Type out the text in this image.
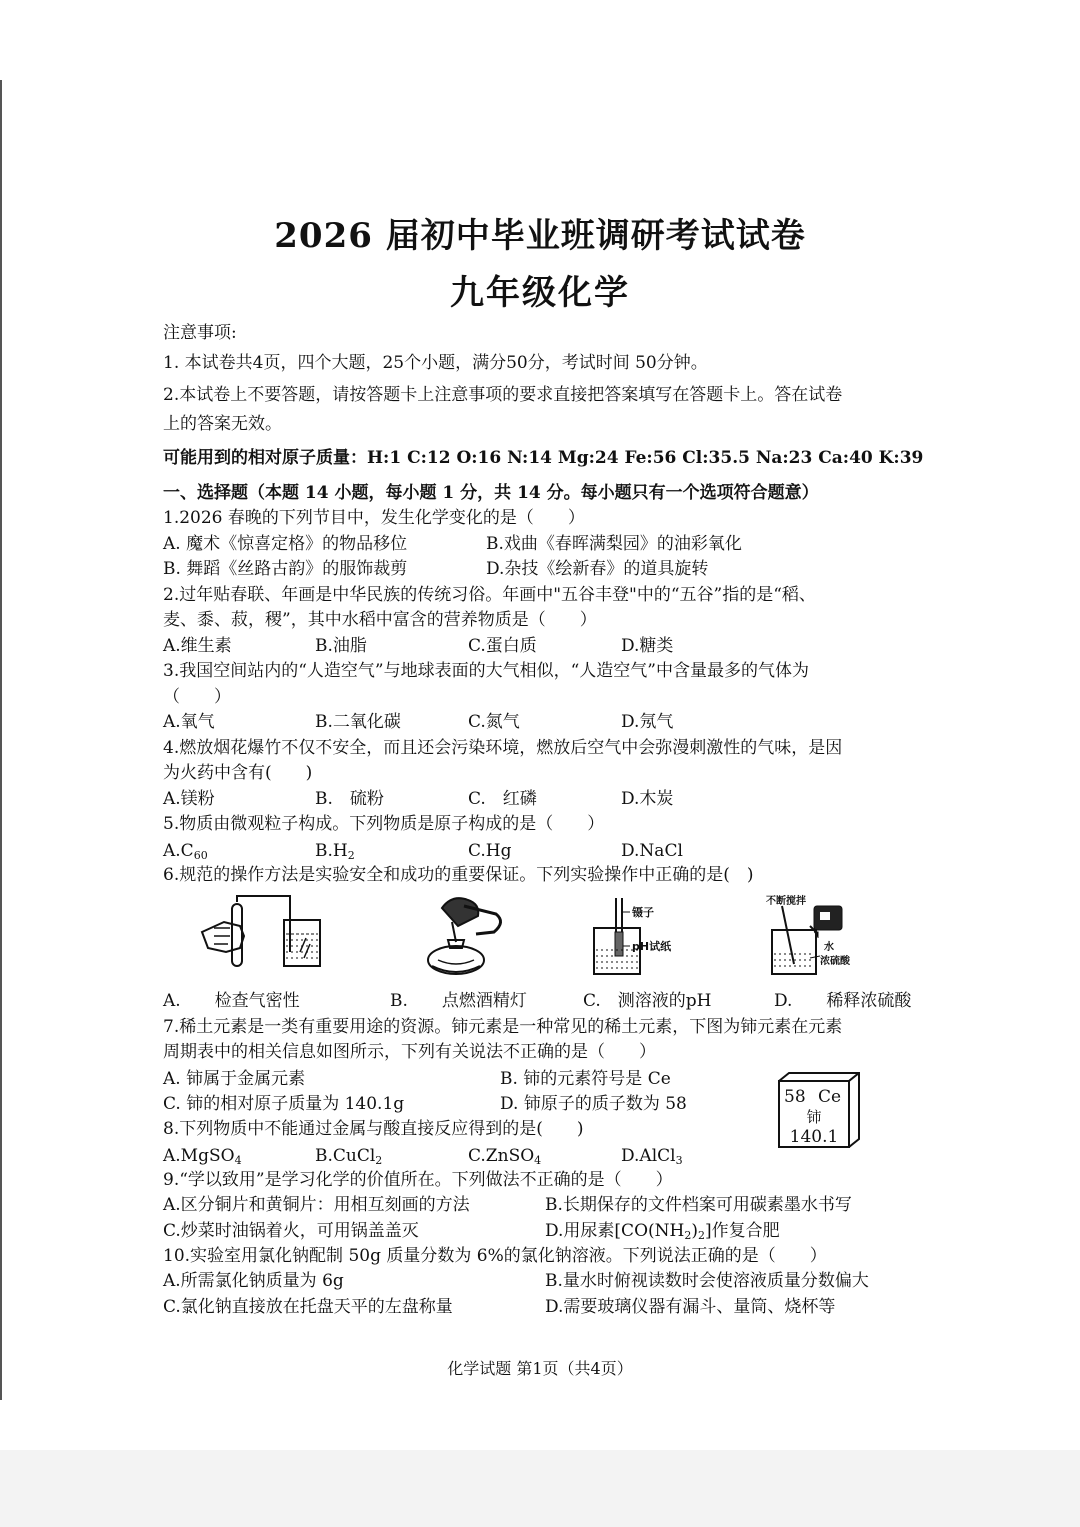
2026 届初中毕业班调研考试试卷
九年级化学
注意事项:
1. 本试卷共4页，四个大题，25个小题，满分50分，考试时间 50分钟。
2.本试卷上不要答题，请按答题卡上注意事项的要求直接把答案填写在答题卡上。答在试卷
上的答案无效。
可能用到的相对原子质量：H:1 C:12 O:16 N:14 Mg:24 Fe:56 Cl:35.5 Na:23 Ca:40 K:39
一、选择题（本题 14 小题，每小题 1 分，共 14 分。每小题只有一个选项符合题意）
1.2026 春晚的下列节目中，发生化学变化的是（　　）
A. 魔术《惊喜定格》的物品移位	B.戏曲《春晖满梨园》的油彩氧化
B. 舞蹈《丝路古韵》的服饰裁剪	D.杂技《绘新春》的道具旋转
2.过年贴春联、年画是中华民族的传统习俗。年画中"五谷丰登"中的“五谷”指的是“稻、
麦、黍、菽，稷”，其中水稻中富含的营养物质是（　　）
A.维生素	B.油脂	C.蛋白质	D.糖类
3.我国空间站内的“人造空气”与地球表面的大气相似，“人造空气”中含量最多的气体为
（　　）
A.氧气	B.二氧化碳	C.氮气	D.氖气
4.燃放烟花爆竹不仅不安全，而且还会污染环境，燃放后空气中会弥漫刺激性的气味，是因
为火药中含有(　　)
A.镁粉	B.　硫粉	C.　红磷	D.木炭
5.物质由微观粒子构成。下列物质是原子构成的是（　　）
$A.C_{60}$	$B.H_2$	C.Hg	D.NaCl
6.规范的操作方法是实验安全和成功的重要保证。下列实验操作中正确的是(　)
镊子
pH试纸
不断搅拌
水
浓硫酸
A.　　检查气密性	B.　　点燃酒精灯	C.　测溶液的pH	D.　　稀释浓硫酸
7.稀土元素是一类有重要用途的资源。铈元素是一种常见的稀土元素，下图为铈元素在元素
周期表中的相关信息如图所示，下列有关说法不正确的是（　　）
A. 铈属于金属元素	B. 铈的元素符号是 Ce
C. 铈的相对原子质量为 140.1g	D. 铈原子的质子数为 58	58 Ce
铈
140.1
8.下列物质中不能通过金属与酸直接反应得到的是(　　)
A.MgSO$_4$	B.CuCl$_2$	C.ZnSO$_4$	D.AlCl$_3$
9.“学以致用”是学习化学的价值所在。下列做法不正确的是（　　）
A.区分铜片和黄铜片：用相互刻画的方法	B.长期保存的文件档案可用碳素墨水书写
C.炒菜时油锅着火，可用锅盖盖灭	D.用尿素$[CO(NH_2)_2]$作复合肥
10.实验室用氯化钠配制 50g 质量分数为 6%的氯化钠溶液。下列说法正确的是（　　）
A.所需氯化钠质量为 6g	B.量水时俯视读数时会使溶液质量分数偏大
C.氯化钠直接放在托盘天平的左盘称量	D.需要玻璃仪器有漏斗、量筒、烧杯等
化学试题 第1页（共4页）
